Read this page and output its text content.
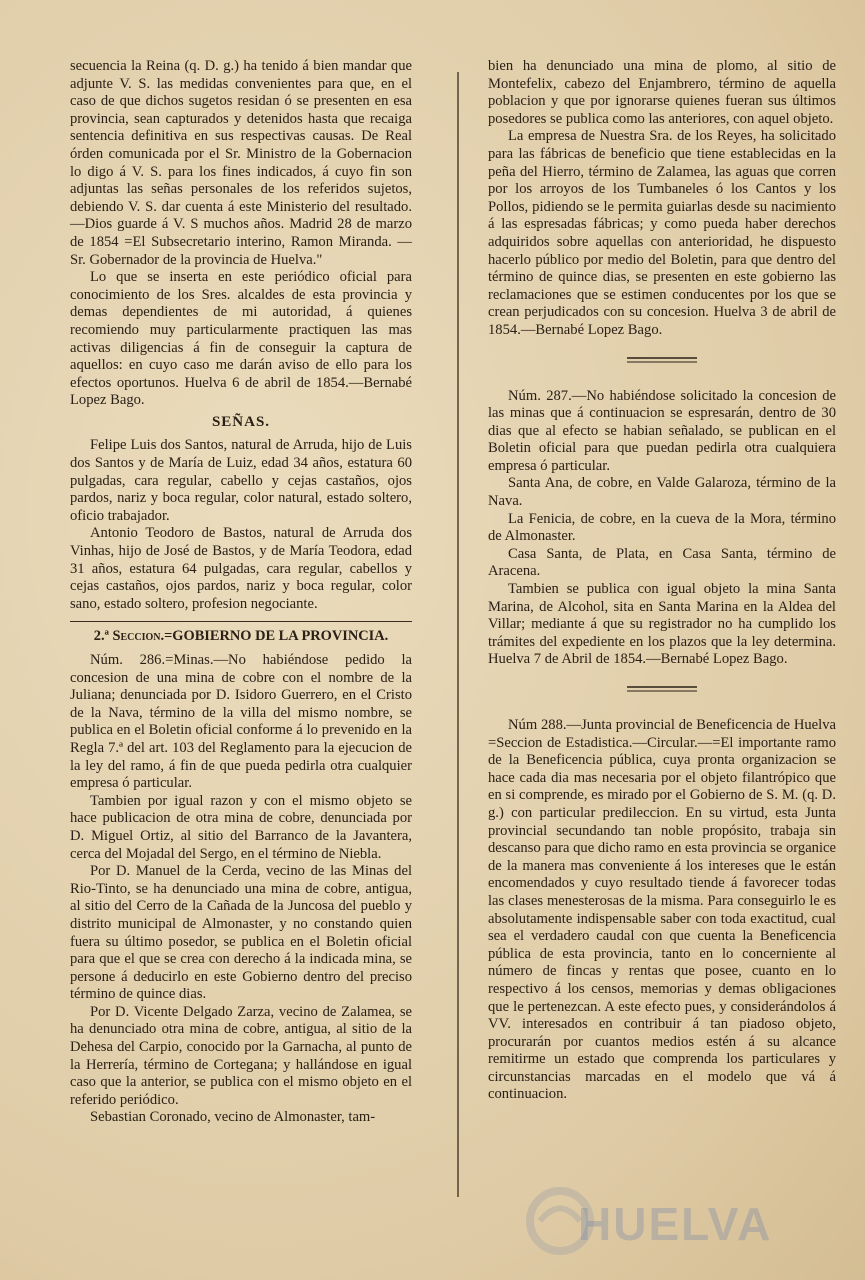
secuencia la Reina (q. D. g.) ha tenido á bien mandar que adjunte V. S. las medidas convenientes para que, en el caso de que dichos sugetos residan ó se presenten en esa provincia, sean capturados y detenidos hasta que recaiga sentencia definitiva en sus respectivas causas. De Real órden comunicada por el Sr. Ministro de la Gobernacion lo digo á V. S. para los fines indicados, á cuyo fin son adjuntas las señas personales de los referidos sujetos, debiendo V. S. dar cuenta á este Ministerio del resultado.—Dios guarde á V. S muchos años. Madrid 28 de marzo de 1854 =El Subsecretario interino, Ramon Miranda. —Sr. Gobernador de la provincia de Huelva."

Lo que se inserta en este periódico oficial para conocimiento de los Sres. alcaldes de esta provincia y demas dependientes de mi autoridad, á quienes recomiendo muy particularmente practiquen las mas activas diligencias á fin de conseguir la captura de aquellos: en cuyo caso me darán aviso de ello para los efectos oportunos. Huelva 6 de abril de 1854.—Bernabé Lopez Bago.

SEÑAS.

Felipe Luis dos Santos, natural de Arruda, hijo de Luis dos Santos y de María de Luiz, edad 34 años, estatura 60 pulgadas, cara regular, cabello y cejas castaños, ojos pardos, nariz y boca regular, color natural, estado soltero, oficio trabajador.

Antonio Teodoro de Bastos, natural de Arruda dos Vinhas, hijo de José de Bastos, y de María Teodora, edad 31 años, estatura 64 pulgadas, cara regular, cabellos y cejas castaños, ojos pardos, nariz y boca regular, color sano, estado soltero, profesion negociante.

2.ª Seccion.=GOBIERNO DE LA PROVINCIA.

Núm. 286.=Minas.—No habiéndose pedido la concesion de una mina de cobre con el nombre de la Juliana; denunciada por D. Isidoro Guerrero, en el Cristo de la Nava, término de la villa del mismo nombre, se publica en el Boletin oficial conforme á lo prevenido en la Regla 7.ª del art. 103 del Reglamento para la ejecucion de la ley del ramo, á fin de que pueda pedirla otra cualquier empresa ó particular.

Tambien por igual razon y con el mismo objeto se hace publicacion de otra mina de cobre, denunciada por D. Miguel Ortiz, al sitio del Barranco de la Javantera, cerca del Mojadal del Sergo, en el término de Niebla.

Por D. Manuel de la Cerda, vecino de las Minas del Rio-Tinto, se ha denunciado una mina de cobre, antigua, al sitio del Cerro de la Cañada de la Juncosa del pueblo y distrito municipal de Almonaster, y no constando quien fuera su último posedor, se publica en el Boletin oficial para que el que se crea con derecho á la indicada mina, se persone á deducirlo en este Gobierno dentro del preciso término de quince dias.

Por D. Vicente Delgado Zarza, vecino de Zalamea, se ha denunciado otra mina de cobre, antigua, al sitio de la Dehesa del Carpio, conocido por la Garnacha, al punto de la Herrería, término de Cortegana; y hallándose en igual caso que la anterior, se publica con el mismo objeto en el referido periódico.

Sebastian Coronado, vecino de Almonaster, tam-

bien ha denunciado una mina de plomo, al sitio de Montefelix, cabezo del Enjambrero, término de aquella poblacion y que por ignorarse quienes fueran sus últimos posedores se publica como las anteriores, con aquel objeto.

La empresa de Nuestra Sra. de los Reyes, ha solicitado para las fábricas de beneficio que tiene establecidas en la peña del Hierro, término de Zalamea, las aguas que corren por los arroyos de los Tumbaneles ó los Cantos y los Pollos, pidiendo se le permita guiarlas desde su nacimiento á las espresadas fábricas; y como pueda haber derechos adquiridos sobre aquellas con anterioridad, he dispuesto hacerlo público por medio del Boletin, para que dentro del término de quince dias, se presenten en este gobierno las reclamaciones que se estimen conducentes por los que se crean perjudicados con su concesion. Huelva 3 de abril de 1854.—Bernabé Lopez Bago.

Núm. 287.—No habiéndose solicitado la concesion de las minas que á continuacion se espresarán, dentro de 30 dias que al efecto se habian señalado, se publican en el Boletin oficial para que puedan pedirla otra cualquiera empresa ó particular.

Santa Ana, de cobre, en Valde Galaroza, término de la Nava.

La Fenicia, de cobre, en la cueva de la Mora, término de Almonaster.

Casa Santa, de Plata, en Casa Santa, término de Aracena.

Tambien se publica con igual objeto la mina Santa Marina, de Alcohol, sita en Santa Marina en la Aldea del Villar; mediante á que su registrador no ha cumplido los trámites del expediente en los plazos que la ley determina. Huelva 7 de Abril de 1854.—Bernabé Lopez Bago.

Núm 288.—Junta provincial de Beneficencia de Huelva =Seccion de Estadistica.—Circular.—=El importante ramo de la Beneficencia pública, cuya pronta organizacion se hace cada dia mas necesaria por el objeto filantrópico que en si comprende, es mirado por el Gobierno de S. M. (q. D. g.) con particular predileccion. En su virtud, esta Junta provincial secundando tan noble propósito, trabaja sin descanso para que dicho ramo en esta provincia se organice de la manera mas conveniente á los intereses que le están encomendados y cuyo resultado tiende á favorecer todas las clases menesterosas de la misma. Para conseguirlo le es absolutamente indispensable saber con toda exactitud, cual sea el verdadero caudal con que cuenta la Beneficencia pública de esta provincia, tanto en lo concerniente al número de fincas y rentas que posee, cuanto en lo respectivo á los censos, memorias y demas obligaciones que le pertenezcan. A este efecto pues, y considerándolos á VV. interesados en contribuir á tan piadoso objeto, procurarán por cuantos medios estén á su alcance remitirme un estado que comprenda los particulares y circunstancias marcadas en el modelo que vá á continuacion.

HUELVA
